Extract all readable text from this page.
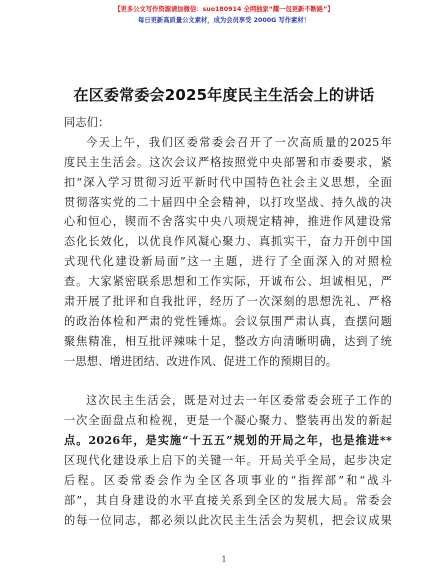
【更多公文写作资源请加微信：suo180914 全网独家“耀一包更新不断路”】
每日更新高质量公文素材，成为会员享受 2000G 写作素材！
在区委常委会2025年度民主生活会上的讲话
同志们：
今天上午，我们区委常委会召开了一次高质量的2025年
度民主生活会。这次会议严格按照党中央部署和市委要求，紧
扣“深入学习贯彻习近平新时代中国特色社会主义思想，全面
贯彻落实党的二十届四中全会精神，以打攻坚战、持久战的决
心和恒心，锲而不舍落实中央八项规定精神，推进作风建设常
态化长效化，以优良作风凝心聚力、真抓实干，奋力开创中国
式现代化建设新局面”这一主题，进行了全面深入的对照检
查。大家紧密联系思想和工作实际，开诚布公、坦诚相见，严
肃开展了批评和自我批评，经历了一次深刻的思想洗礼、严格
的政治体检和严肃的党性锤炼。会议氛围严肃认真，查摆问题
聚焦精准，相互批评辣味十足，整改方向清晰明确，达到了统
一思想、增进团结、改进作风、促进工作的预期目的。
这次民主生活会，既是对过去一年区委常委会班子工作的
一次全面盘点和检视，更是一个凝心聚力、整装再出发的新起
点。2026年，是实施“十五五”规划的开局之年，也是推进**
区现代化建设承上启下的关键一年。开局关乎全局，起步决定
后程。区委常委会作为全区各项事业的“指挥部”和“战斗
部”，其自身建设的水平直接关系到全区的发展大局。常委会
的每一位同志，都必须以此次民主生活会为契机，把会议成果
1
